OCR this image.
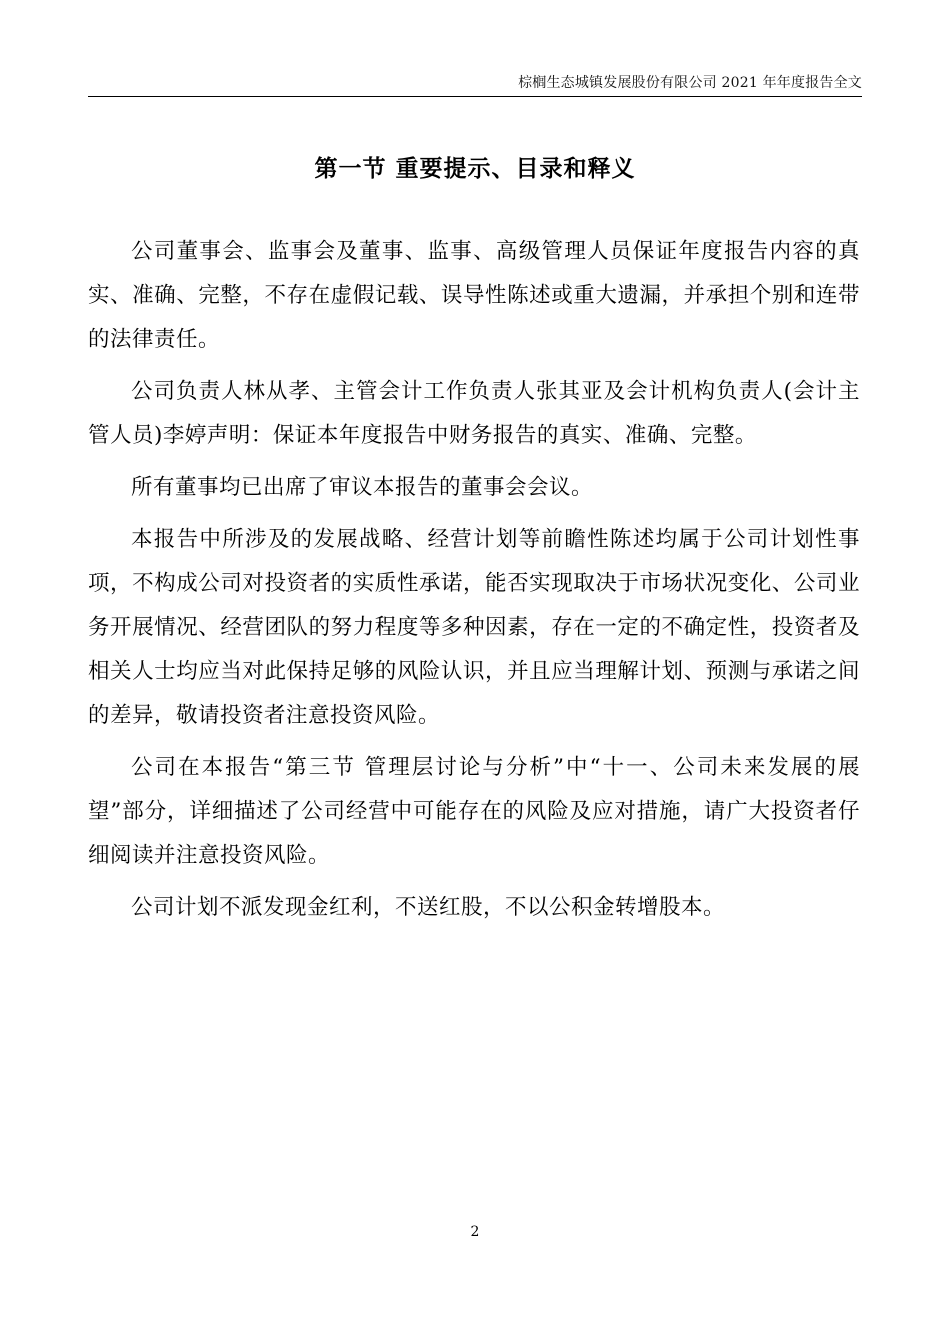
棕榈生态城镇发展股份有限公司 2021 年年度报告全文
第一节 重要提示、目录和释义

公司董事会、监事会及董事、监事、高级管理人员保证年度报告内容的真实、准确、完整，不存在虚假记载、误导性陈述或重大遗漏，并承担个别和连带的法律责任。

公司负责人林从孝、主管会计工作负责人张其亚及会计机构负责人(会计主管人员)李婷声明：保证本年度报告中财务报告的真实、准确、完整。

所有董事均已出席了审议本报告的董事会会议。

本报告中所涉及的发展战略、经营计划等前瞻性陈述均属于公司计划性事项，不构成公司对投资者的实质性承诺，能否实现取决于市场状况变化、公司业务开展情况、经营团队的努力程度等多种因素，存在一定的不确定性，投资者及相关人士均应当对此保持足够的风险认识，并且应当理解计划、预测与承诺之间的差异，敬请投资者注意投资风险。

公司在本报告“第三节 管理层讨论与分析”中“十一、公司未来发展的展望”部分，详细描述了公司经营中可能存在的风险及应对措施，请广大投资者仔细阅读并注意投资风险。

公司计划不派发现金红利，不送红股，不以公积金转增股本。

2
